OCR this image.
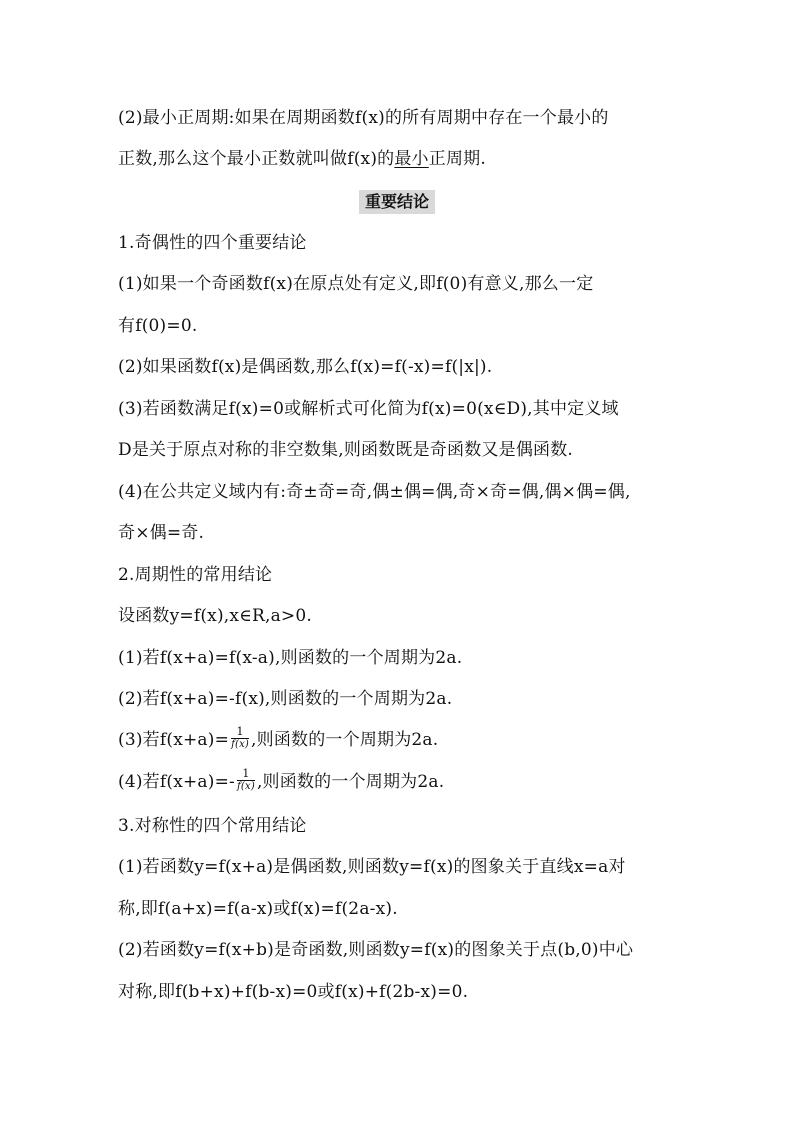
(2)最小正周期:如果在周期函数f(x)的所有周期中存在一个最小的
正数,那么这个最小正数就叫做f(x)的最小正周期.
重要结论
1.奇偶性的四个重要结论
(1)如果一个奇函数f(x)在原点处有定义,即f(0)有意义,那么一定
有f(0)=0.
(2)如果函数f(x)是偶函数,那么f(x)=f(-x)=f(|x|).
(3)若函数满足f(x)=0或解析式可化简为f(x)=0(x∈D),其中定义域
D是关于原点对称的非空数集,则函数既是奇函数又是偶函数.
(4)在公共定义域内有:奇±奇=奇,偶±偶=偶,奇×奇=偶,偶×偶=偶,
奇×偶=奇.
2.周期性的常用结论
设函数y=f(x),x∈R,a>0.
(1)若f(x+a)=f(x-a),则函数的一个周期为2a.
(2)若f(x+a)=-f(x),则函数的一个周期为2a.
(3)若$f(x+a)= \frac{1}{f(x)}$ ,则函数的一个周期为2a.
(4)若$f(x+a)=- \frac{1}{f(x)}$ ,则函数的一个周期为2a.
3.对称性的四个常用结论
(1)若函数y=f(x+a)是偶函数,则函数y=f(x)的图象关于直线x=a对
称,即f(a+x)=f(a-x)或f(x)=f(2a-x).
(2)若函数y=f(x+b)是奇函数,则函数y=f(x)的图象关于点(b,0)中心
对称,即f(b+x)+f(b-x)=0或f(x)+f(2b-x)=0.
